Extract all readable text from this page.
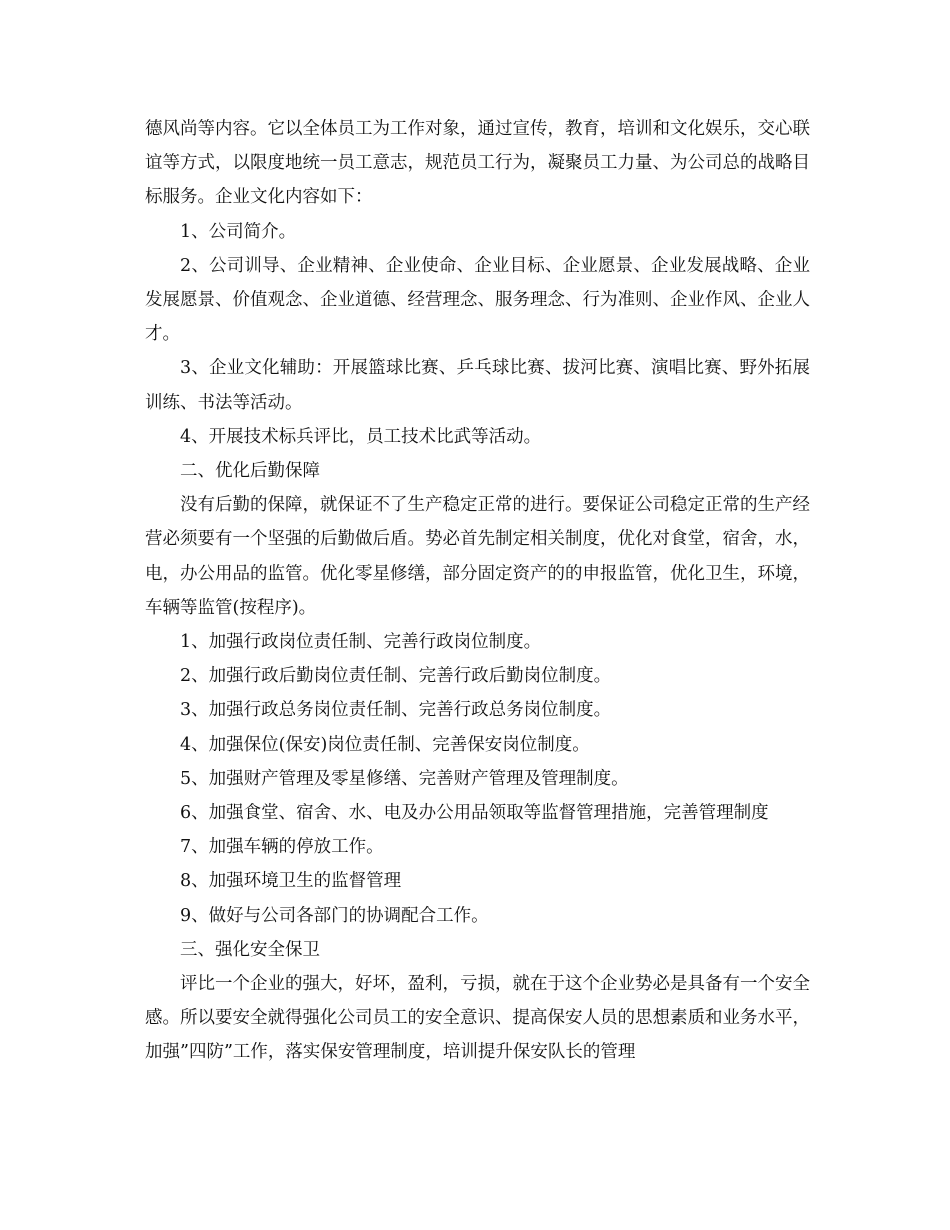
德风尚等内容。它以全体员工为工作对象，通过宣传，教育，培训和文化娱乐，交心联谊等方式，以限度地统一员工意志，规范员工行为，凝聚员工力量、为公司总的战略目标服务。企业文化内容如下：

1、公司简介。

2、公司训导、企业精神、企业使命、企业目标、企业愿景、企业发展战略、企业发展愿景、价值观念、企业道德、经营理念、服务理念、行为准则、企业作风、企业人才。

3、企业文化辅助：开展篮球比赛、乒乓球比赛、拔河比赛、演唱比赛、野外拓展训练、书法等活动。

4、开展技术标兵评比，员工技术比武等活动。

二、优化后勤保障

没有后勤的保障，就保证不了生产稳定正常的进行。要保证公司稳定正常的生产经营必须要有一个坚强的后勤做后盾。势必首先制定相关制度，优化对食堂，宿舍，水，电，办公用品的监管。优化零星修缮，部分固定资产的的申报监管，优化卫生，环境，车辆等监管(按程序)。

1、加强行政岗位责任制、完善行政岗位制度。

2、加强行政后勤岗位责任制、完善行政后勤岗位制度。

3、加强行政总务岗位责任制、完善行政总务岗位制度。

4、加强保位(保安)岗位责任制、完善保安岗位制度。

5、加强财产管理及零星修缮、完善财产管理及管理制度。

6、加强食堂、宿舍、水、电及办公用品领取等监督管理措施，完善管理制度

7、加强车辆的停放工作。

8、加强环境卫生的监督管理

9、做好与公司各部门的协调配合工作。

三、强化安全保卫

评比一个企业的强大，好坏，盈利，亏损，就在于这个企业势必是具备有一个安全感。所以要安全就得强化公司员工的安全意识、提高保安人员的思想素质和业务水平，加强”四防”工作，落实保安管理制度，培训提升保安队长的管理
